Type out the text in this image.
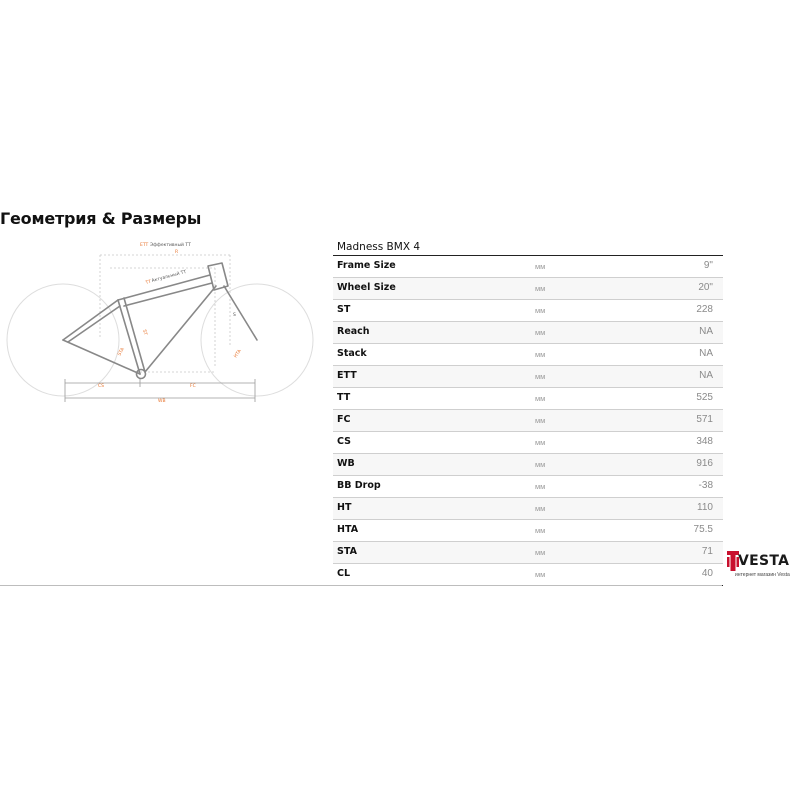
Геометрия & Размеры
ETT Эффективный ТТ
R
TT Актуальный ТТ
ST
S
STA	HTA
CS	FC
WB
Madness BMX 4
Frame Size	мм	9"
Wheel Size	мм	20"
ST	мм	228
Reach	мм	NA
Stack	мм	NA
ETT	мм	NA
TT	мм	525
FC	мм	571
CS	мм	348
WB	мм	916
BB Drop	мм	-38
HT	мм	110
HTA	мм	75.5
STA	мм	71
CL	мм	40
VESTA
интернет магазин Vesta
